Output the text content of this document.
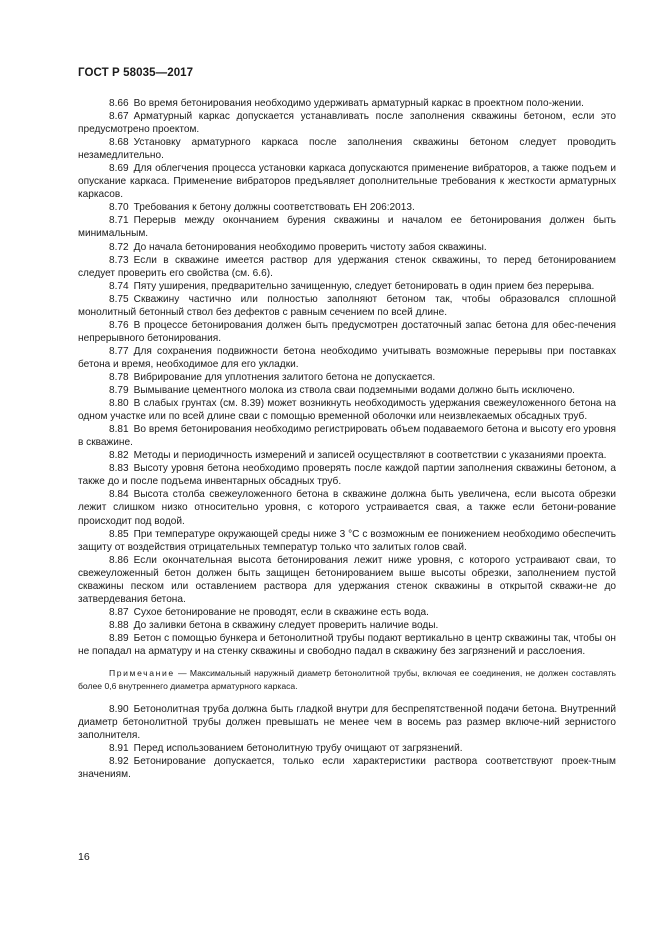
ГОСТ Р 58035—2017

8.66 Во время бетонирования необходимо удерживать арматурный каркас в проектном поло-жении.

8.67 Арматурный каркас допускается устанавливать после заполнения скважины бетоном, если это предусмотрено проектом.

8.68 Установку арматурного каркаса после заполнения скважины бетоном следует проводить незамедлительно.

8.69 Для облегчения процесса установки каркаса допускаются применение вибраторов, а также подъем и опускание каркаса. Применение вибраторов предъявляет дополнительные требования к жесткости арматурных каркасов.

8.70 Требования к бетону должны соответствовать ЕН 206:2013.

8.71 Перерыв между окончанием бурения скважины и началом ее бетонирования должен быть минимальным.

8.72 До начала бетонирования необходимо проверить чистоту забоя скважины.

8.73 Если в скважине имеется раствор для удержания стенок скважины, то перед бетонированием следует проверить его свойства (см. 6.6).

8.74 Пяту уширения, предварительно зачищенную, следует бетонировать в один прием без перерыва.

8.75 Скважину частично или полностью заполняют бетоном так, чтобы образовался сплошной монолитный бетонный ствол без дефектов с равным сечением по всей длине.

8.76 В процессе бетонирования должен быть предусмотрен достаточный запас бетона для обес-печения непрерывного бетонирования.

8.77 Для сохранения подвижности бетона необходимо учитывать возможные перерывы при поставках бетона и время, необходимое для его укладки.

8.78 Вибрирование для уплотнения залитого бетона не допускается.

8.79 Вымывание цементного молока из ствола сваи подземными водами должно быть исключено.

8.80 В слабых грунтах (см. 8.39) может возникнуть необходимость удержания свежеуложенного бетона на одном участке или по всей длине сваи с помощью временной оболочки или неизвлекаемых обсадных труб.

8.81 Во время бетонирования необходимо регистрировать объем подаваемого бетона и высоту его уровня в скважине.

8.82 Методы и периодичность измерений и записей осуществляют в соответствии с указаниями проекта.

8.83 Высоту уровня бетона необходимо проверять после каждой партии заполнения скважины бетоном, а также до и после подъема инвентарных обсадных труб.

8.84 Высота столба свежеуложенного бетона в скважине должна быть увеличена, если высота обрезки лежит слишком низко относительно уровня, с которого устраивается свая, а также если бетони-рование происходит под водой.

8.85 При температуре окружающей среды ниже 3 °С с возможным ее понижением необходимо обеспечить защиту от воздействия отрицательных температур только что залитых голов свай.

8.86 Если окончательная высота бетонирования лежит ниже уровня, с которого устраивают сваи, то свежеуложенный бетон должен быть защищен бетонированием выше высоты обрезки, заполнением пустой скважины песком или оставлением раствора для удержания стенок скважины в открытой скважи-не до затвердевания бетона.

8.87 Сухое бетонирование не проводят, если в скважине есть вода.

8.88 До заливки бетона в скважину следует проверить наличие воды.

8.89 Бетон с помощью бункера и бетонолитной трубы подают вертикально в центр скважины так, чтобы он не попадал на арматуру и на стенку скважины и свободно падал в скважину без загрязнений и расслоения.

Примечание — Максимальный наружный диаметр бетонолитной трубы, включая ее соединения, не должен составлять более 0,6 внутреннего диаметра арматурного каркаса.

8.90 Бетонолитная труба должна быть гладкой внутри для беспрепятственной подачи бетона. Внутренний диаметр бетонолитной трубы должен превышать не менее чем в восемь раз размер включе-ний зернистого заполнителя.

8.91 Перед использованием бетонолитную трубу очищают от загрязнений.

8.92 Бетонирование допускается, только если характеристики раствора соответствуют проек-тным значениям.

16
